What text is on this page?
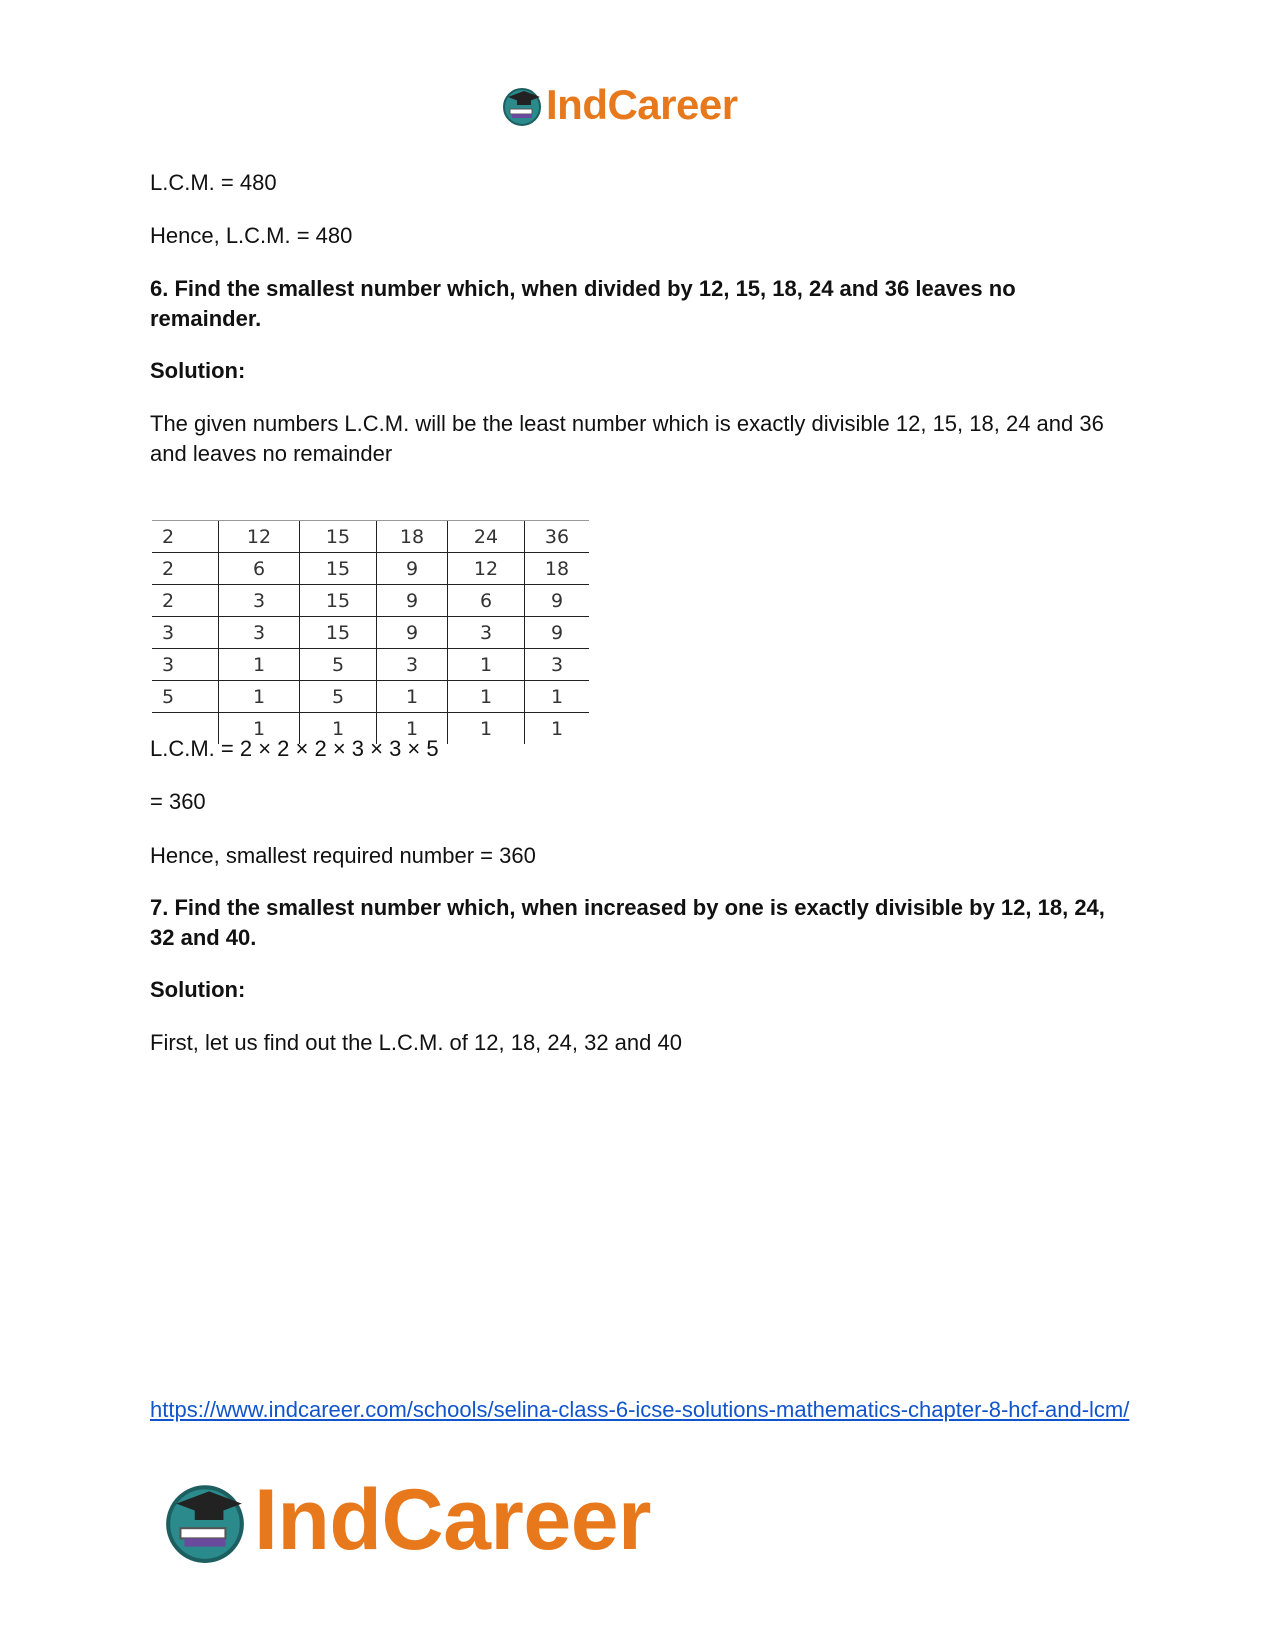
IndCareer

L.C.M. = 480

Hence, L.C.M. = 480

6. Find the smallest number which, when divided by 12, 15, 18, 24 and 36 leaves no remainder.

Solution:

The given numbers L.C.M. will be the least number which is exactly divisible 12, 15, 18, 24 and 36 and leaves no remainder

2	12	15	18	24	36
2	6	15	9	12	18
2	3	15	9	6	9
3	3	15	9	3	9
3	1	5	3	1	3
5	1	5	1	1	1
	1	1	1	1	1

L.C.M. = 2 × 2 × 2 × 3 × 3 × 5

= 360

Hence, smallest required number = 360

7. Find the smallest number which, when increased by one is exactly divisible by 12, 18, 24, 32 and 40.

Solution:

First, let us find out the L.C.M. of 12, 18, 24, 32 and 40

https://www.indcareer.com/schools/selina-class-6-icse-solutions-mathematics-chapter-8-hcf-and-lcm/
IndCareer
